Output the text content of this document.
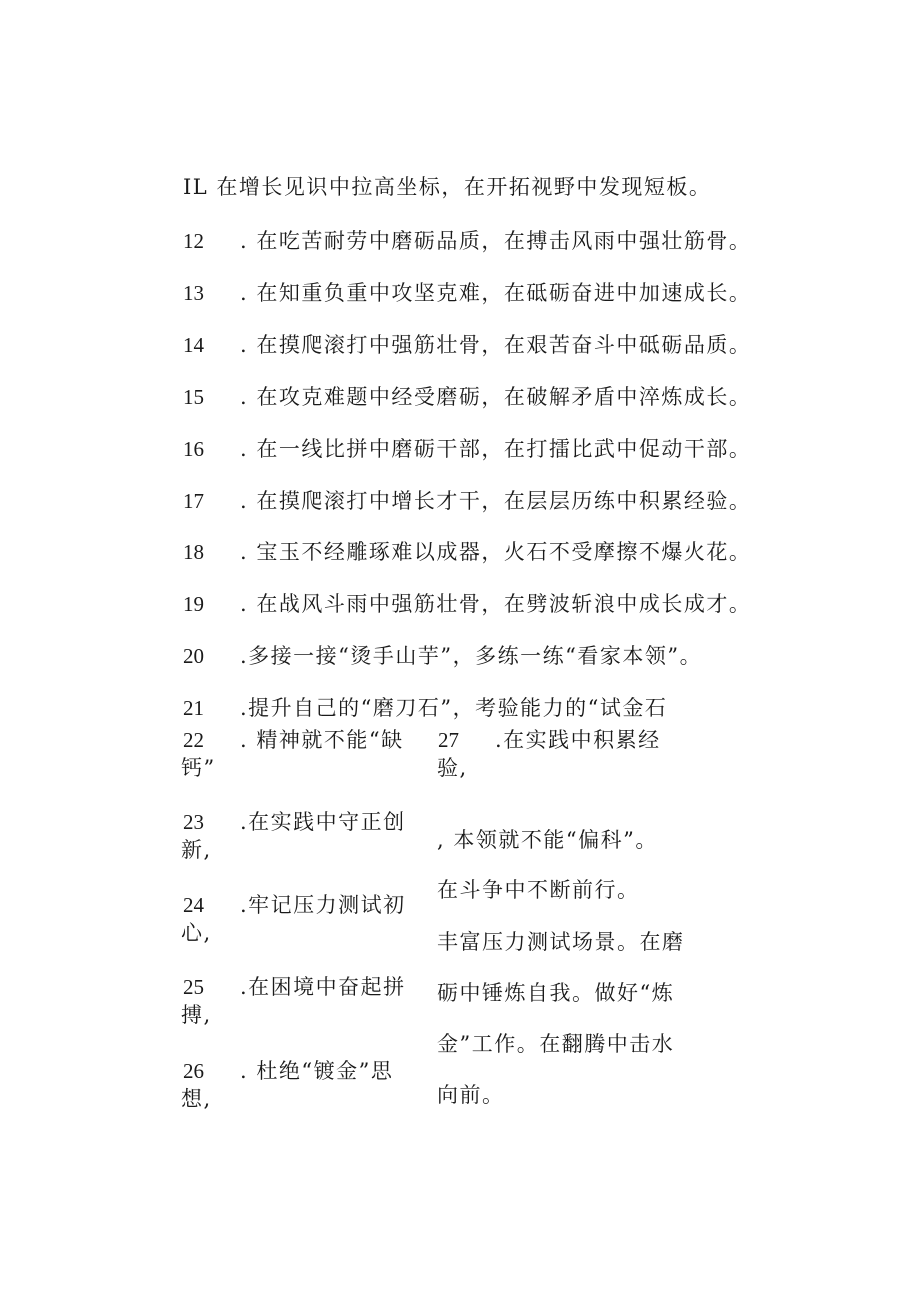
IL 在增长见识中拉高坐标，在开拓视野中发现短板。
12 . 在吃苦耐劳中磨砺品质，在搏击风雨中强壮筋骨。
13 . 在知重负重中攻坚克难，在砥砺奋进中加速成长。
14 . 在摸爬滚打中强筋壮骨，在艰苦奋斗中砥砺品质。
15 . 在攻克难题中经受磨砺，在破解矛盾中淬炼成长。
16 . 在一线比拼中磨砺干部，在打擂比武中促动干部。
17 . 在摸爬滚打中增长才干，在层层历练中积累经验。
18 . 宝玉不经雕琢难以成器，火石不受摩擦不爆火花。
19 . 在战风斗雨中强筋壮骨，在劈波斩浪中成长成才。
20 .多接一接“烫手山芋”，多练一练“看家本领”。
21 .提升自己的“磨刀石”，考验能力的“试金石
22 . 精神就不能“缺
钙”
23 .在实践中守正创
新,
24 .牢记压力测试初
心,
25 .在困境中奋起拼
搏,
26 . 杜绝“镀金”思
想,
27 .在实践中积累经
验,
, 本领就不能“偏科”。
在斗争中不断前行。
丰富压力测试场景。在磨
砺中锤炼自我。做好“炼
金”工作。在翻腾中击水
向前。
